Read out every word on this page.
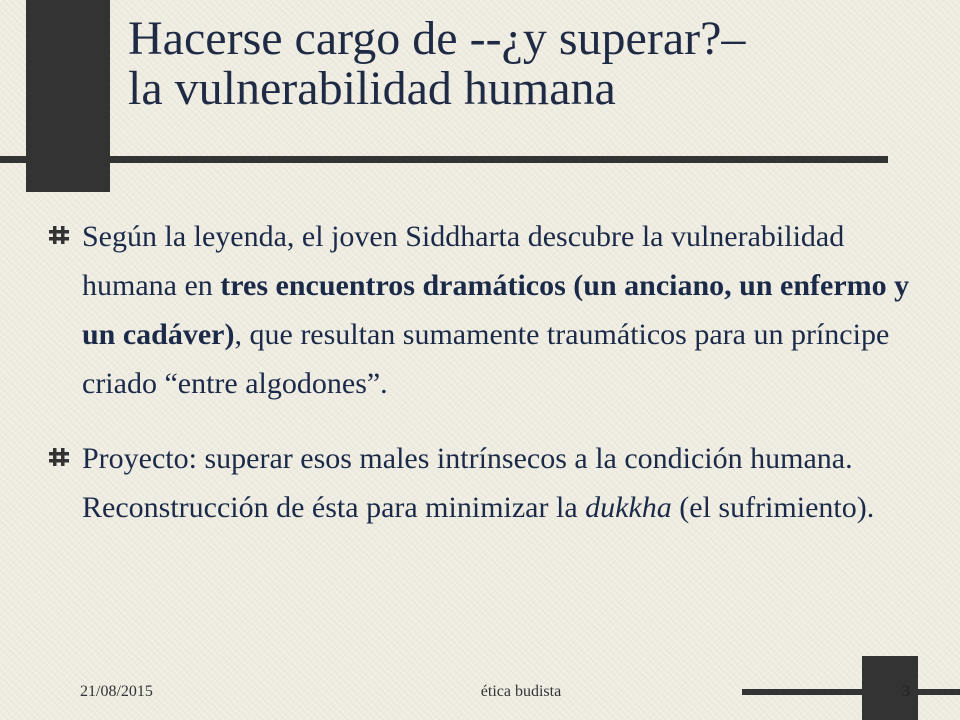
Hacerse cargo de --¿y superar?–
la vulnerabilidad humana
Según la leyenda, el joven Siddharta descubre la vulnerabilidad humana en tres encuentros dramáticos (un anciano, un enfermo y un cadáver), que resultan sumamente traumáticos para un príncipe criado “entre algodones”.
Proyecto: superar esos males intrínsecos a la condición humana. Reconstrucción de ésta para minimizar la dukkha (el sufrimiento).
21/08/2015	ética budista	3
